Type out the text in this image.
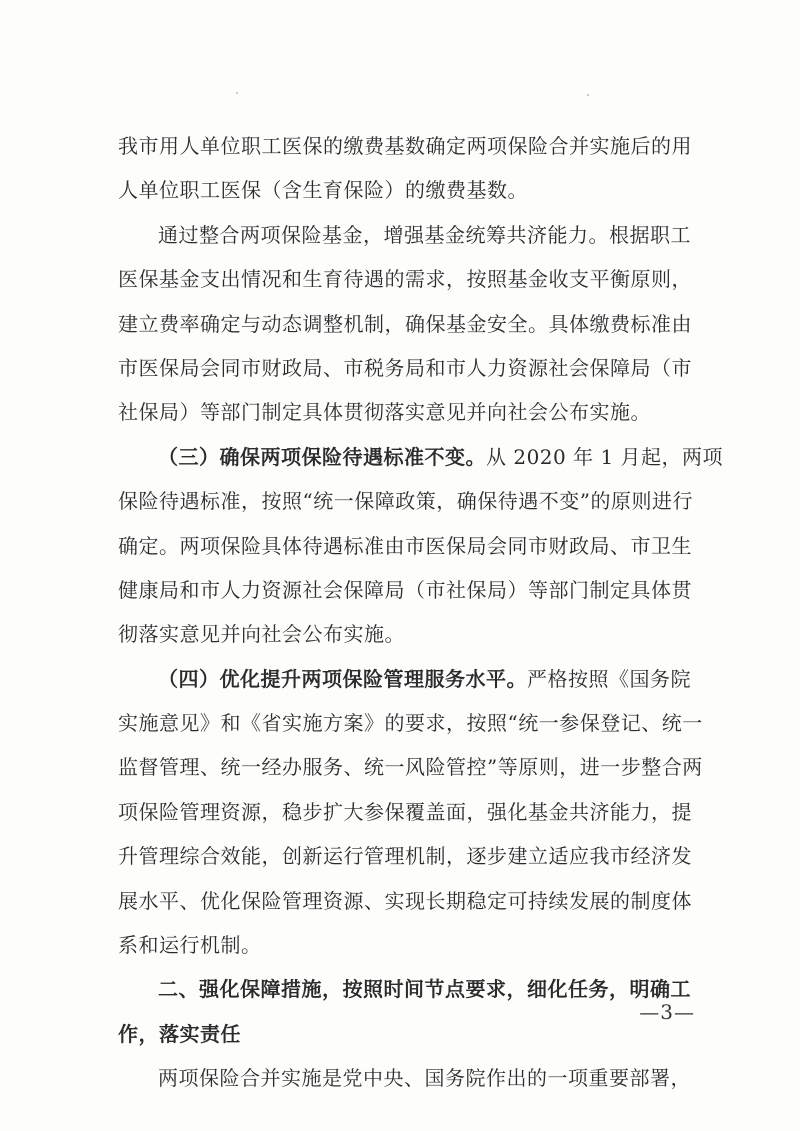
我市用人单位职工医保的缴费基数确定两项保险合并实施后的用
人单位职工医保（含生育保险）的缴费基数。
通过整合两项保险基金，增强基金统筹共济能力。根据职工
医保基金支出情况和生育待遇的需求，按照基金收支平衡原则，
建立费率确定与动态调整机制，确保基金安全。具体缴费标准由
市医保局会同市财政局、市税务局和市人力资源社会保障局（市
社保局）等部门制定具体贯彻落实意见并向社会公布实施。
（三）确保两项保险待遇标准不变。从 2020 年 1 月起，两项
保险待遇标准，按照“统一保障政策，确保待遇不变”的原则进行
确定。两项保险具体待遇标准由市医保局会同市财政局、市卫生
健康局和市人力资源社会保障局（市社保局）等部门制定具体贯
彻落实意见并向社会公布实施。
（四）优化提升两项保险管理服务水平。严格按照《国务院
实施意见》和《省实施方案》的要求，按照“统一参保登记、统一
监督管理、统一经办服务、统一风险管控”等原则，进一步整合两
项保险管理资源，稳步扩大参保覆盖面，强化基金共济能力，提
升管理综合效能，创新运行管理机制，逐步建立适应我市经济发
展水平、优化保险管理资源、实现长期稳定可持续发展的制度体
系和运行机制。
二、强化保障措施，按照时间节点要求，细化任务，明确工
作，落实责任
两项保险合并实施是党中央、国务院作出的一项重要部署，
—3—
